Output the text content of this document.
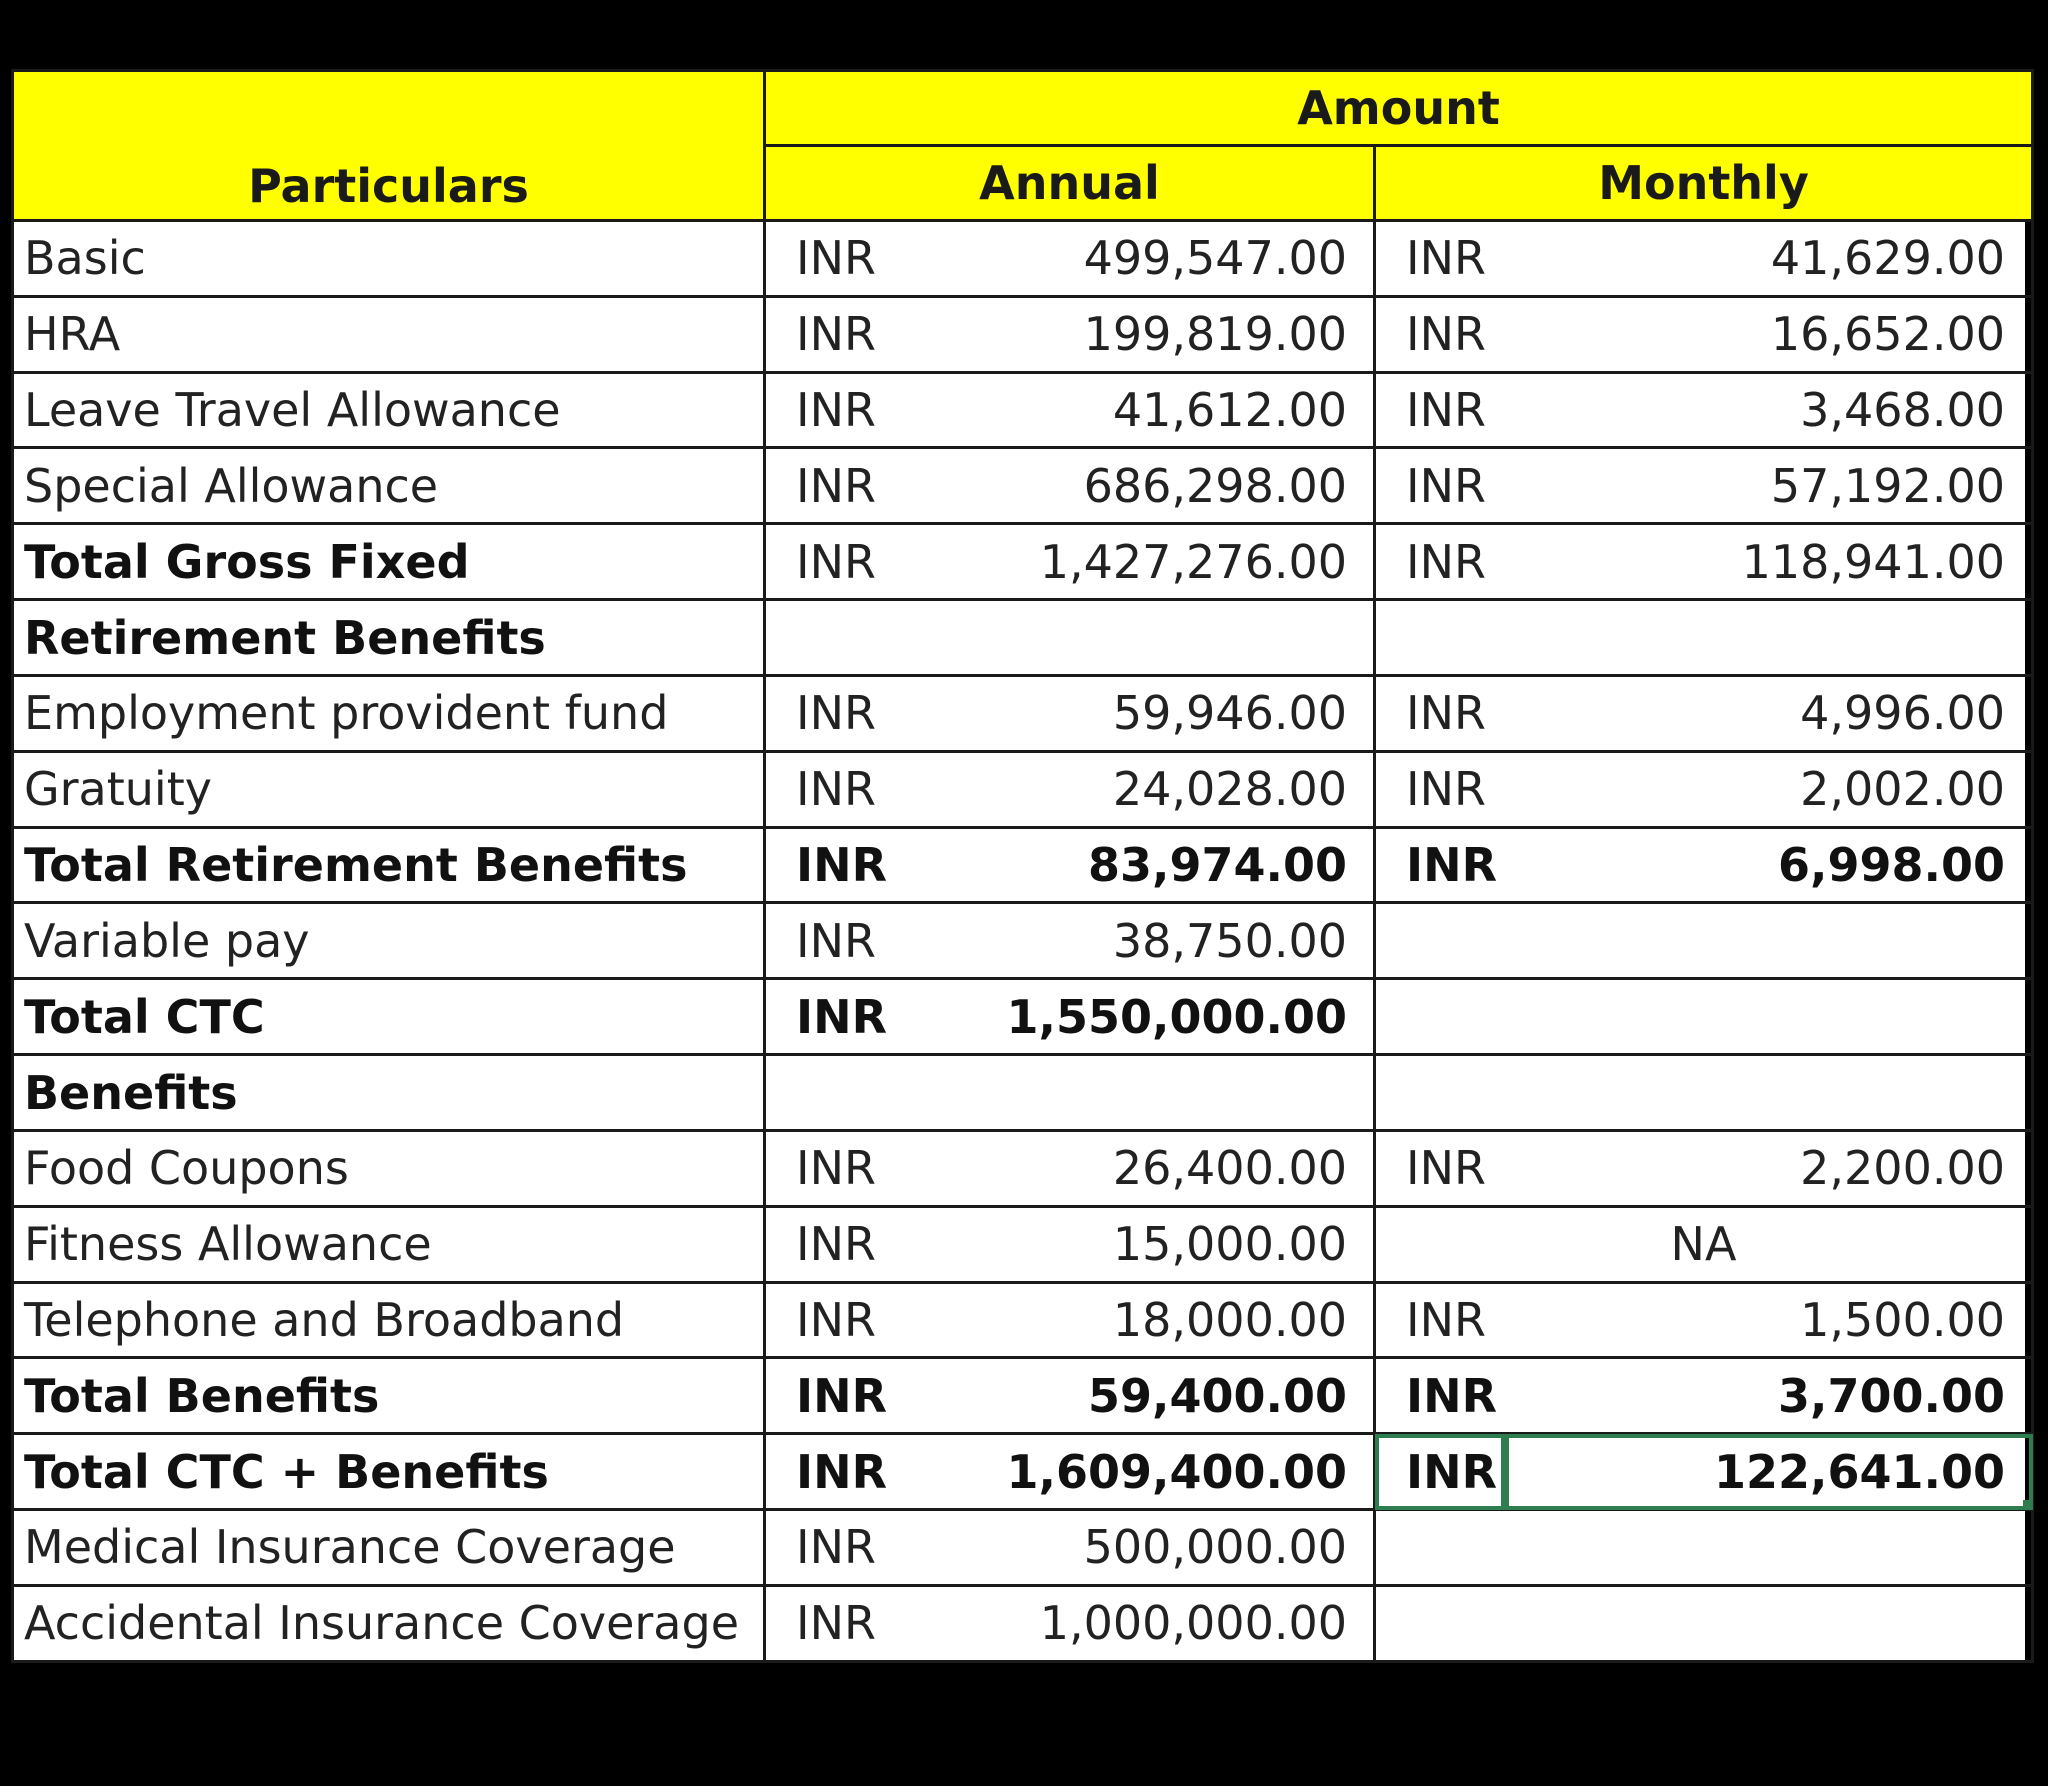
Particulars	Amount			
	Annual		Monthly	
Basic	INR	499,547.00	INR	41,629.00
HRA	INR	199,819.00	INR	16,652.00
Leave Travel Allowance	INR	41,612.00	INR	3,468.00
Special Allowance	INR	686,298.00	INR	57,192.00
Total Gross Fixed	INR	1,427,276.00	INR	118,941.00
Retirement Benefits				
Employment provident fund	INR	59,946.00	INR	4,996.00
Gratuity	INR	24,028.00	INR	2,002.00
Total Retirement Benefits	INR	83,974.00	INR	6,998.00
Variable pay	INR	38,750.00		
Total CTC	INR	1,550,000.00		
Benefits				
Food Coupons	INR	26,400.00	INR	2,200.00
Fitness Allowance	INR	15,000.00	NA	
Telephone and Broadband	INR	18,000.00	INR	1,500.00
Total Benefits	INR	59,400.00	INR	3,700.00
Total CTC + Benefits	INR	1,609,400.00	INR	122,641.00

Medical Insurance Coverage	INR	500,000.00		
Accidental Insurance Coverage	INR	1,000,000.00		
